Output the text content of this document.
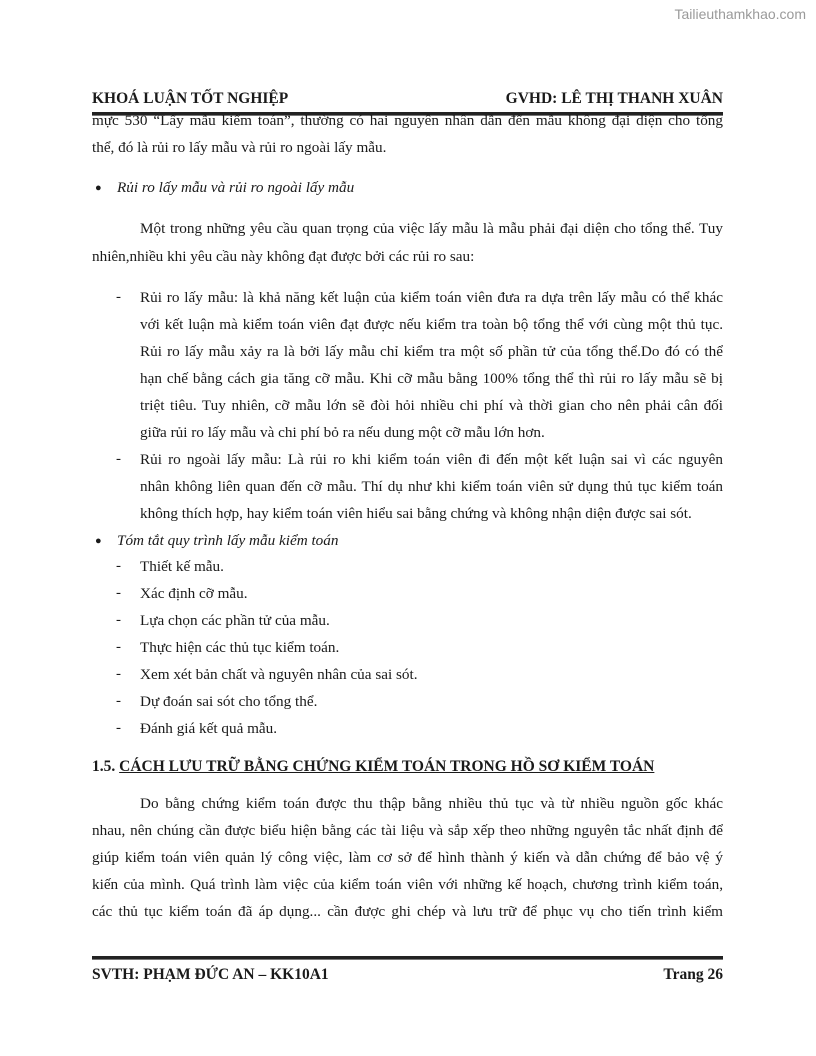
Tailieuthamkhao.com
KHOÁ LUẬN TỐT NGHIỆP	GVHD: LÊ THỊ THANH XUÂN
mực 530 “Lấy mẫu kiểm toán”, thường có hai nguyên nhân dẫn đến mẫu không đại diện cho tổng
thể, đó là rủi ro lấy mẫu và rủi ro ngoài lấy mẫu.
● Rủi ro lấy mẫu và rủi ro ngoài lấy mẫu
Một trong những yêu cầu quan trọng của việc lấy mẫu là mẫu phải đại diện cho tổng thể. Tuy
nhiên,nhiều khi yêu cầu này không đạt được bởi các rủi ro sau:
- Rủi ro lấy mẫu: là khả năng kết luận của kiểm toán viên đưa ra dựa trên lấy mẫu có thể khác
với kết luận mà kiểm toán viên đạt được nếu kiểm tra toàn bộ tổng thể với cùng một thủ tục.
Rủi ro lấy mẫu xảy ra là bởi lấy mẫu chỉ kiểm tra một số phần tử của tổng thể.Do đó có thể
hạn chế bằng cách gia tăng cỡ mẫu. Khi cỡ mẫu bằng 100% tổng thể thì rủi ro lấy mẫu sẽ bị
triệt tiêu. Tuy nhiên, cỡ mẫu lớn sẽ đòi hỏi nhiều chi phí và thời gian cho nên phải cân đối
giữa rủi ro lấy mẫu và chi phí bỏ ra nếu dung một cỡ mẫu lớn hơn.
- Rủi ro ngoài lấy mẫu: Là rủi ro khi kiểm toán viên đi đến một kết luận sai vì các nguyên
nhân không liên quan đến cỡ mẫu. Thí dụ như khi kiểm toán viên sử dụng thủ tục kiểm toán
không thích hợp, hay kiểm toán viên hiểu sai bằng chứng và không nhận diện được sai sót.
● Tóm tắt quy trình lấy mẫu kiểm toán
- Thiết kế mẫu.
- Xác định cỡ mẫu.
- Lựa chọn các phần tử của mẫu.
- Thực hiện các thủ tục kiểm toán.
- Xem xét bản chất và nguyên nhân của sai sót.
- Dự đoán sai sót cho tổng thể.
- Đánh giá kết quả mẫu.
Do bằng chứng kiểm toán được thu thập bằng nhiều thủ tục và từ nhiều nguồn gốc khác
nhau, nên chúng cần được biểu hiện bằng các tài liệu và sắp xếp theo những nguyên tắc nhất định để
giúp kiểm toán viên quản lý công việc, làm cơ sở để hình thành ý kiến và dẫn chứng để bảo vệ ý
kiến của mình. Quá trình làm việc của kiểm toán viên với những kế hoạch, chương trình kiểm toán,
các thủ tục kiểm toán đã áp dụng... cần được ghi chép và lưu trữ để phục vụ cho tiến trình kiểm
1.5. CÁCH LƯU TRỮ BẰNG CHỨNG KIỂM TOÁN TRONG HỒ SƠ KIỂM TOÁN
SVTH: PHẠM ĐỨC AN – KK10A1	Trang 26
